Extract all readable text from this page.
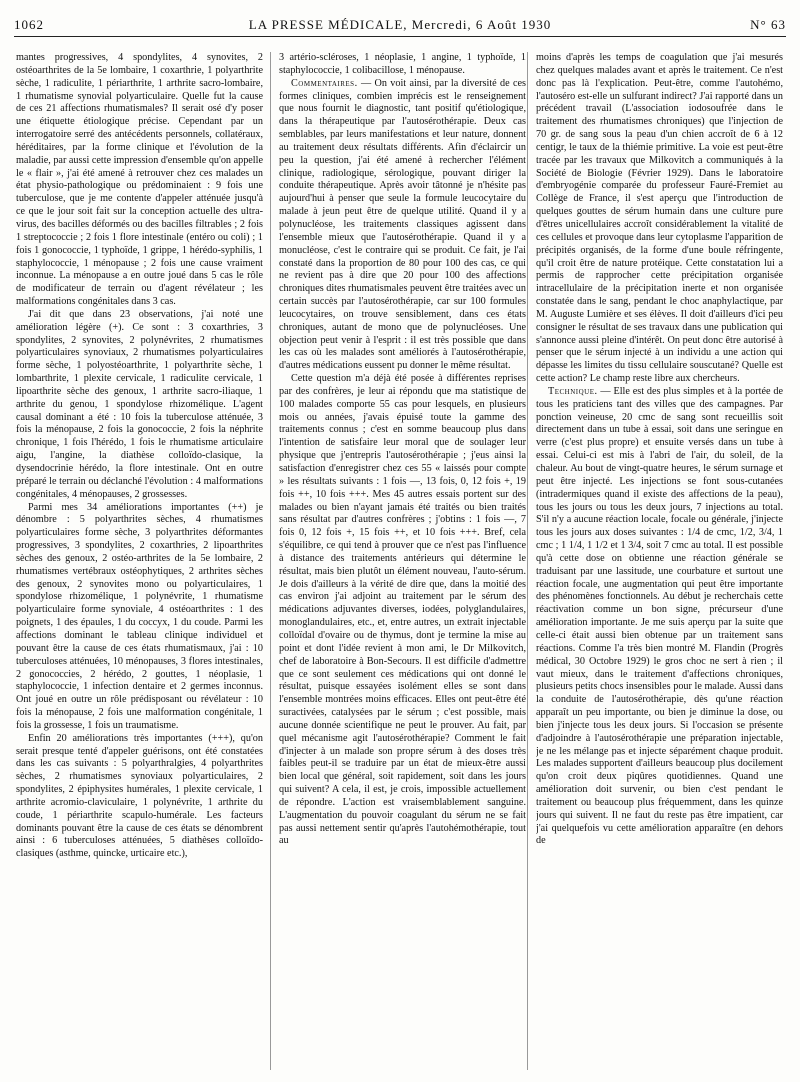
1062	LA PRESSE MÉDICALE, Mercredi, 6 Août 1930	N° 63

mantes progressives, 4 spondylites, 4 synovites, 2 ostéoarthrites de la 5e lombaire, 1 coxarthrie, 1 polyarthrite sèche, 1 radiculite, 1 périarthrite, 1 arthrite sacro-lombaire, 1 rhumatisme synovial polyarticulaire. Quelle fut la cause de ces 21 affections rhumatismales? Il serait osé d'y poser une étiquette étiologique précise. Cependant par un interrogatoire serré des antécédents personnels, collatéraux, héréditaires, par la forme clinique et l'évolution de la maladie, par aussi cette impression d'ensemble qu'on appelle le « flair », j'ai été amené à retrouver chez ces malades un état physio-pathologique ou prédominaient : 9 fois une tuberculose, que je me contente d'appeler atténuée jusqu'à ce que le jour soit fait sur la conception actuelle des ultra-virus, des bacilles déformés ou des bacilles filtrables ; 2 fois 1 streptococcie ; 2 fois 1 flore intestinale (entéro ou coli) ; 1 fois 1 gonococcie, 1 typhoïde, 1 grippe, 1 hérédo-syphilis, 1 staphylococcie, 1 ménopause ; 2 fois une cause vraiment inconnue. La ménopause a en outre joué dans 5 cas le rôle de modificateur de terrain ou d'agent révélateur ; les malformations congénitales dans 3 cas.

J'ai dit que dans 23 observations, j'ai noté une amélioration légère (+). Ce sont : 3 coxarthries, 3 spondylites, 2 synovites, 2 polynévrites, 2 rhumatismes polyarticulaires synoviaux, 2 rhumatismes polyarticulaires forme sèche, 1 polyostéoarthrite, 1 polyarthrite sèche, 1 lombarthrite, 1 plexite cervicale, 1 radiculite cervicale, 1 lipoarthrite sèche des genoux, 1 arthrite sacro-iliaque, 1 arthrite du genou, 1 spondylose rhizomélique. L'agent causal dominant a été : 10 fois la tuberculose atténuée, 3 fois la ménopause, 2 fois la gonococcie, 2 fois la néphrite chronique, 1 fois l'hérédo, 1 fois le rhumatisme articulaire aigu, l'angine, la diathèse colloïdo-clasique, la dysendocrinie hérédo, la flore intestinale. Ont en outre préparé le terrain ou déclanché l'évolution : 4 malformations congénitales, 4 ménopauses, 2 grossesses.

Parmi mes 34 améliorations importantes (++) je dénombre : 5 polyarthrites sèches, 4 rhumatismes polyarticulaires forme sèche, 3 polyarthrites déformantes progressives, 3 spondylites, 2 coxarthries, 2 lipoarthrites sèches des genoux, 2 ostéo-arthrites de la 5e lombaire, 2 rhumatismes vertébraux ostéophytiques, 2 arthrites sèches des genoux, 2 synovites mono ou polyarticulaires, 1 spondylose rhizomélique, 1 polynévrite, 1 rhumatisme polyarticulaire forme synoviale, 4 ostéoarthrites : 1 des poignets, 1 des épaules, 1 du coccyx, 1 du coude. Parmi les affections dominant le tableau clinique individuel et pouvant être la cause de ces états rhumatismaux, j'ai : 10 tuberculoses atténuées, 10 ménopauses, 3 flores intestinales, 2 gonococcies, 2 hérédo, 2 gouttes, 1 néoplasie, 1 staphylococcie, 1 infection dentaire et 2 germes inconnus. Ont joué en outre un rôle prédisposant ou révélateur : 10 fois la ménopause, 2 fois une malformation congénitale, 1 fois la grossesse, 1 fois un traumatisme.

Enfin 20 améliorations très importantes (+++), qu'on serait presque tenté d'appeler guérisons, ont été constatées dans les cas suivants : 5 polyarthralgies, 4 polyarthrites sèches, 2 rhumatismes synoviaux polyarticulaires, 2 spondylites, 2 épiphysites humérales, 1 plexite cervicale, 1 arthrite acromio-claviculaire, 1 polynévrite, 1 arthrite du coude, 1 périarthrite scapulo-humérale. Les facteurs dominants pouvant être la cause de ces états se dénombrent ainsi : 6 tuberculoses atténuées, 5 diathèses colloïdo-clasiques (asthme, quincke, urticaire etc.),

3 artério-scléroses, 1 néoplasie, 1 angine, 1 typhoïde, 1 staphylococcie, 1 colibacillose, 1 ménopause.

Commentaires. — On voit ainsi, par la diversité de ces formes cliniques, combien imprécis est le renseignement que nous fournit le diagnostic, tant positif qu'étiologique, dans la thérapeutique par l'autosérothérapie. Deux cas semblables, par leurs manifestations et leur nature, donnent au traitement deux résultats différents. Afin d'éclaircir un peu la question, j'ai été amené à rechercher l'élément clinique, radiologique, sérologique, pouvant diriger la conduite thérapeutique. Après avoir tâtonné je n'hésite pas aujourd'hui à penser que seule la formule leucocytaire du malade à jeun peut être de quelque utilité. Quand il y a polynucléose, les traitements classiques agissent dans l'ensemble mieux que l'autosérothérapie. Quand il y a monucléose, c'est le contraire qui se produit. Ce fait, je l'ai constaté dans la proportion de 80 pour 100 des cas, ce qui ne revient pas à dire que 20 pour 100 des affections chroniques dites rhumatismales peuvent être traitées avec un certain succès par l'autosérothérapie, car sur 100 formules leucocytaires, on trouve sensiblement, dans ces états chroniques, autant de mono que de polynucléoses. Une objection peut venir à l'esprit : il est très possible que dans les cas où les malades sont améliorés à l'autosérothérapie, d'autres médications eussent pu donner le même résultat.

Cette question m'a déjà été posée à différentes reprises par des confrères, je leur ai répondu que ma statistique de 100 malades comporte 55 cas pour lesquels, en plusieurs mois ou années, j'avais épuisé toute la gamme des traitements connus ; c'est en somme beaucoup plus dans l'intention de satisfaire leur moral que de soulager leur physique que j'entrepris l'autosérothérapie ; j'eus ainsi la satisfaction d'enregistrer chez ces 55 « laissés pour compte » les résultats suivants : 1 fois —, 13 fois, 0, 12 fois +, 19 fois ++, 10 fois +++. Mes 45 autres essais portent sur des malades ou bien n'ayant jamais été traités ou bien traités sans résultat par d'autres confrères ; j'obtins : 1 fois —, 7 fois 0, 12 fois +, 15 fois ++, et 10 fois +++. Bref, cela s'équilibre, ce qui tend à prouver que ce n'est pas l'influence à distance des traitements antérieurs qui détermine le résultat, mais bien plutôt un élément nouveau, l'auto-sérum. Je dois d'ailleurs à la vérité de dire que, dans la moitié des cas environ j'ai adjoint au traitement par le sérum des médications adjuvantes diverses, iodées, polyglandulaires, monoglandulaires, etc., et, entre autres, un extrait injectable colloïdal d'ovaire ou de thymus, dont je termine la mise au point et dont l'idée revient à mon ami, le Dr Milkovitch, chef de laboratoire à Bon-Secours. Il est difficile d'admettre que ce sont seulement ces médications qui ont donné le résultat, puisque essayées isolément elles se sont dans l'ensemble montrées moins efficaces. Elles ont peut-être été suractivées, catalysées par le sérum ; c'est possible, mais aucune donnée scientifique ne peut le prouver. Au fait, par quel mécanisme agit l'autosérothérapie? Comment le fait d'injecter à un malade son propre sérum à des doses très faibles peut-il se traduire par un état de mieux-être aussi bien local que général, soit rapidement, soit dans les jours qui suivent? A cela, il est, je crois, impossible actuellement de répondre. L'action est vraisemblablement sanguine. L'augmentation du pouvoir coagulant du sérum ne se fait pas aussi nettement sentir qu'après l'autohémothérapie, tout au

moins d'après les temps de coagulation que j'ai mesurés chez quelques malades avant et après le traitement. Ce n'est donc pas là l'explication. Peut-être, comme l'autohémo, l'autoséro est-elle un sulfurant indirect? J'ai rapporté dans un précédent travail (L'association iodosoufrée dans le traitement des rhumatismes chroniques) que l'injection de 70 gr. de sang sous la peau d'un chien accroît de 6 à 12 centigr, le taux de la thiémie primitive. La voie est peut-être tracée par les travaux que Milkovitch a communiqués à la Société de Biologie (Février 1929). Dans le laboratoire d'embryogénie comparée du professeur Fauré-Fremiet au Collège de France, il s'est aperçu que l'introduction de quelques gouttes de sérum humain dans une culture pure d'êtres unicellulaires accroît considérablement la vitalité de ces cellules et provoque dans leur cytoplasme l'apparition de précipités organisés, de la forme d'une boule réfringente, qu'il croit être de nature protéique. Cette constatation lui a permis de rapprocher cette précipitation organisée intracellulaire de la précipitation inerte et non organisée constatée dans le sang, pendant le choc anaphylactique, par M. Auguste Lumière et ses élèves. Il doit d'ailleurs d'ici peu consigner le résultat de ses travaux dans une publication qui s'annonce aussi pleine d'intérêt. On peut donc être autorisé à penser que le sérum injecté à un individu a une action qui dépasse les limites du tissu cellulaire souscutané? Quelle est cette action? Le champ reste libre aux chercheurs.

Technique. — Elle est des plus simples et à la portée de tous les praticiens tant des villes que des campagnes. Par ponction veineuse, 20 cmc de sang sont recueillis soit directement dans un tube à essai, soit dans une seringue en verre (c'est plus propre) et ensuite versés dans un tube à essai. Celui-ci est mis à l'abri de l'air, du soleil, de la chaleur. Au bout de vingt-quatre heures, le sérum surnage et peut être injecté. Les injections se font sous-cutanées (intradermiques quand il existe des affections de la peau), tous les jours ou tous les deux jours, 7 injections au total. S'il n'y a aucune réaction locale, focale ou générale, j'injecte tous les jours aux doses suivantes : 1/4 de cmc, 1/2, 3/4, 1 cmc ; 1 1/4, 1 1/2 et 1 3/4, soit 7 cmc au total. Il est possible qu'à cette dose on obtienne une réaction générale se traduisant par une lassitude, une courbature et surtout une réaction focale, une augmentation qui peut être importante des phénomènes fonctionnels. Au début je recherchais cette réactivation comme un bon signe, précurseur d'une amélioration importante. Je me suis aperçu par la suite que celle-ci était aussi bien obtenue par un traitement sans réactions. Comme l'a très bien montré M. Flandin (Progrès médical, 30 Octobre 1929) le gros choc ne sert à rien ; il vaut mieux, dans le traitement d'affections chroniques, plusieurs petits chocs insensibles pour le malade. Aussi dans la conduite de l'autosérothérapie, dès qu'une réaction apparaît un peu importante, ou bien je diminue la dose, ou bien j'injecte tous les deux jours. Si l'occasion se présente d'adjoindre à l'autosérothérapie une préparation injectable, je ne les mélange pas et injecte séparément chaque produit. Les malades supportent d'ailleurs beaucoup plus docilement qu'on croit deux piqûres quotidiennes. Quand une amélioration doit survenir, ou bien c'est pendant le traitement ou beaucoup plus fréquemment, dans les quinze jours qui suivent. Il ne faut du reste pas être impatient, car j'ai quelquefois vu cette amélioration apparaître (en dehors de
